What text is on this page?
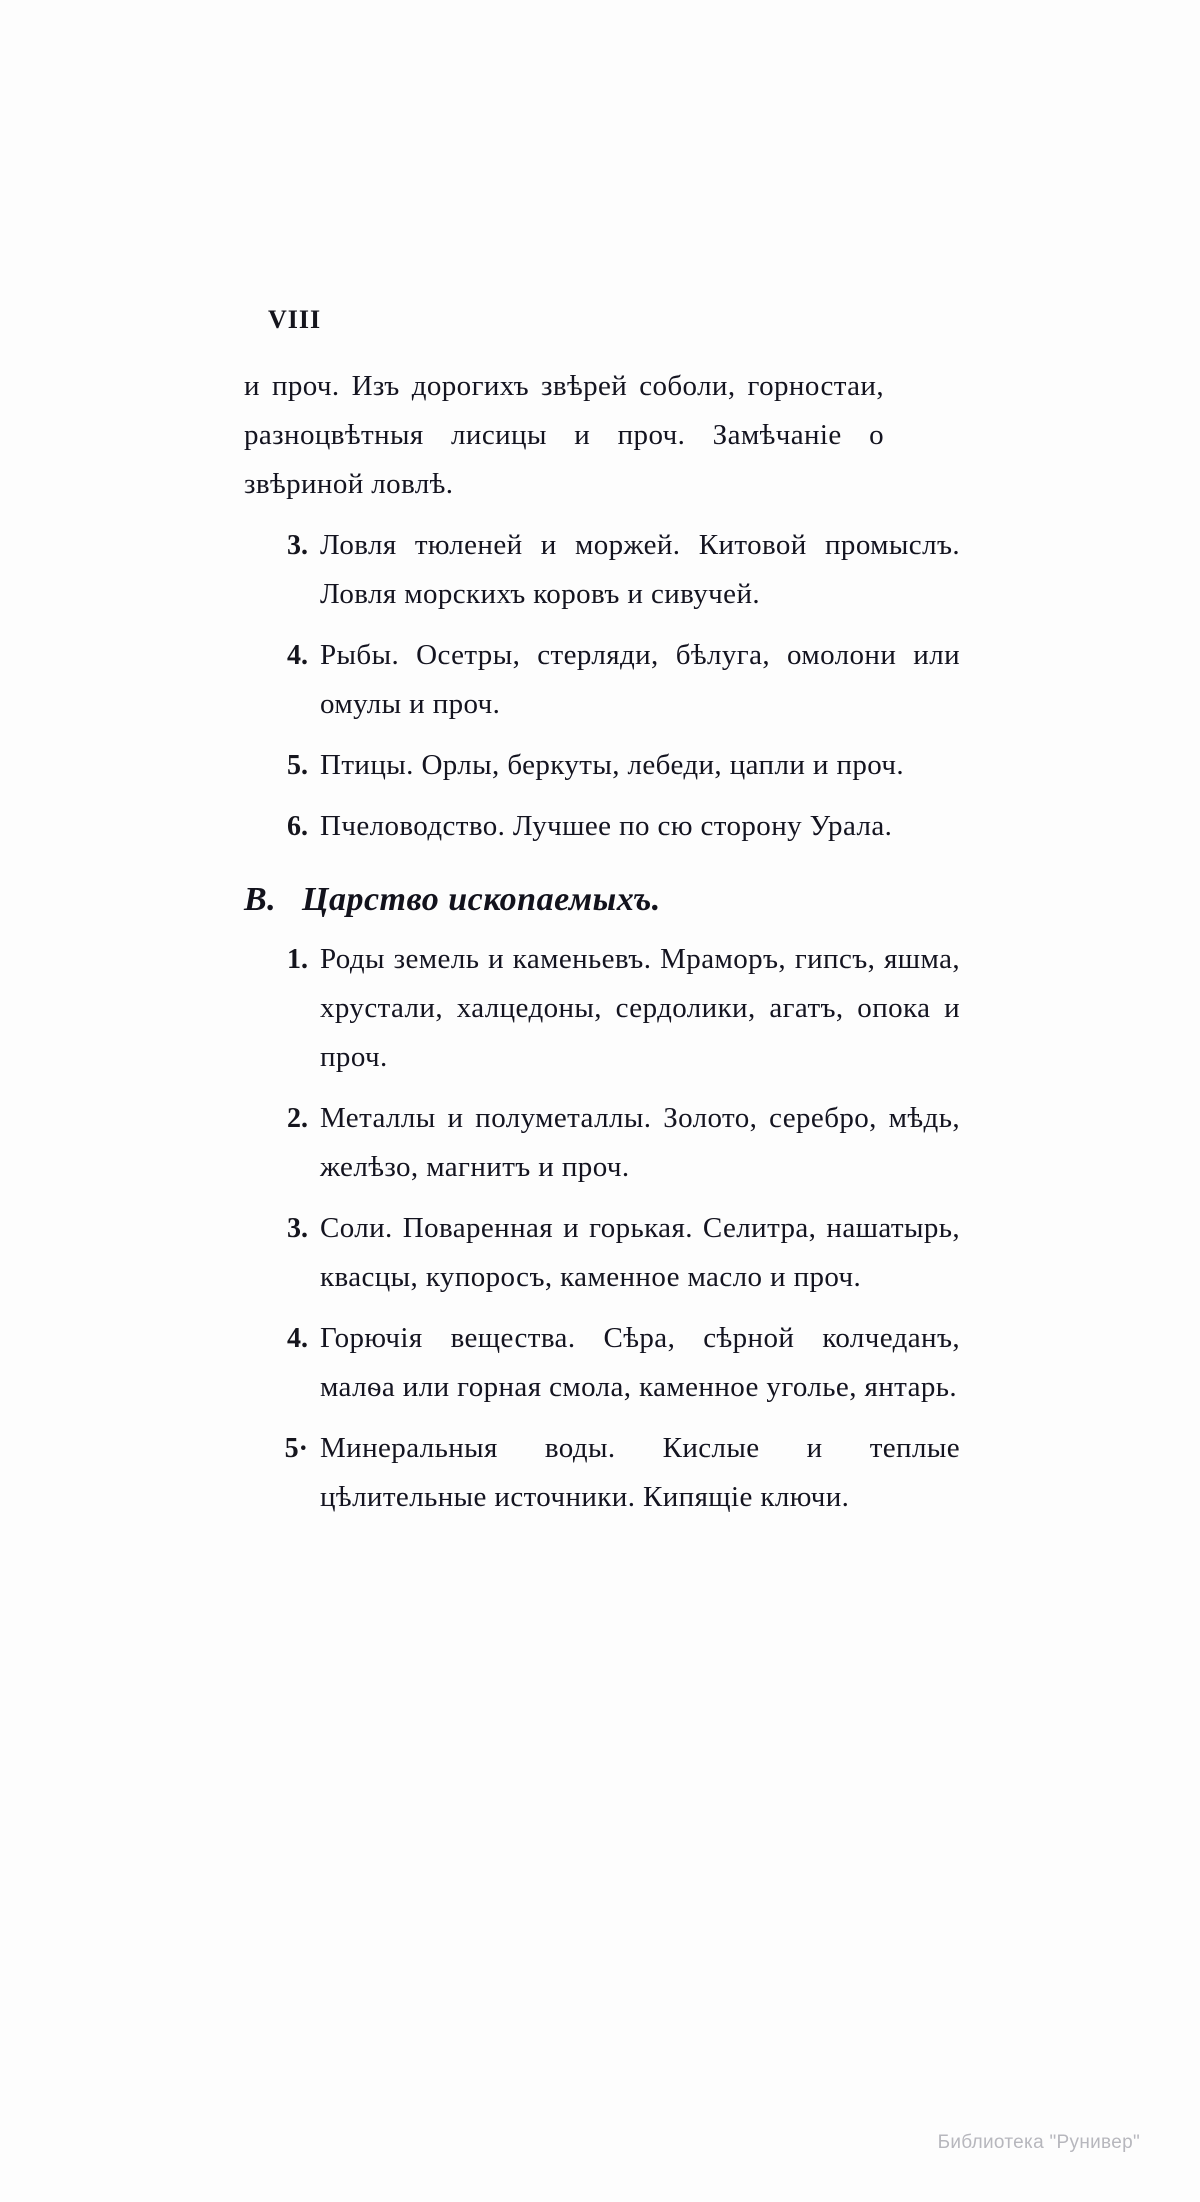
VIII

и проч. Изъ дорогихъ звѣрей соболи, горностаи, разноцвѣтныя лисицы и проч. Замѣчаніе о звѣриной ловлѣ.

3. Ловля тюленей и моржей. Китовой промыслъ. Ловля морскихъ коровъ и сивучей.

4. Рыбы. Осетры, стерляди, бѣлуга, омолони или омулы и проч.

5. Птицы. Орлы, беркуты, лебеди, цапли и проч.

6. Пчеловодство. Лучшее по сю сторону Урала.

B. Царство ископаемыхъ.
1. Роды земель и каменьевъ. Мраморъ, гипсъ, яшма, хрустали, халцедоны, сердолики, агатъ, опока и проч.

2. Металлы и полуметаллы. Золото, серебро, мѣдь, желѣзо, магнитъ и проч.

3. Соли. Поваренная и горькая. Селитра, нашатырь, квасцы, купоросъ, каменное масло и проч.

4. Горючія вещества. Сѣра, сѣрной колчеданъ, малѳа или горная смола, каменное уголье, янтарь.

5· Минеральныя воды. Кислые и теплые цѣлительные источники. Кипящіе ключи.

Библиотека "Рунивер"
